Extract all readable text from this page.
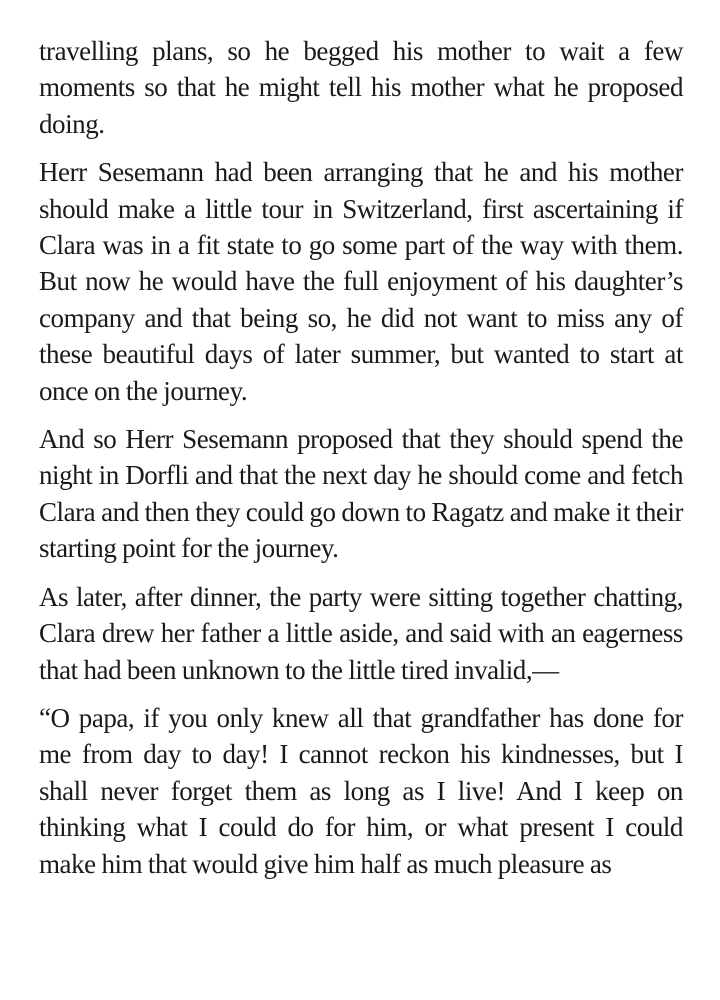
travelling plans, so he begged his mother to wait a few moments so that he might tell his mother what he proposed doing.

Herr Sesemann had been arranging that he and his mother should make a little tour in Switzerland, first ascertaining if Clara was in a fit state to go some part of the way with them. But now he would have the full enjoyment of his daughter’s company and that being so, he did not want to miss any of these beautiful days of later summer, but wanted to start at once on the journey.

And so Herr Sesemann proposed that they should spend the night in Dorfli and that the next day he should come and fetch Clara and then they could go down to Ragatz and make it their starting point for the journey.

As later, after dinner, the party were sitting together chatting, Clara drew her father a little aside, and said with an eagerness that had been unknown to the little tired invalid,—

“O papa, if you only knew all that grandfather has done for me from day to day! I cannot reckon his kindnesses, but I shall never forget them as long as I live! And I keep on thinking what I could do for him, or what present I could make him that would give him half as much pleasure as
